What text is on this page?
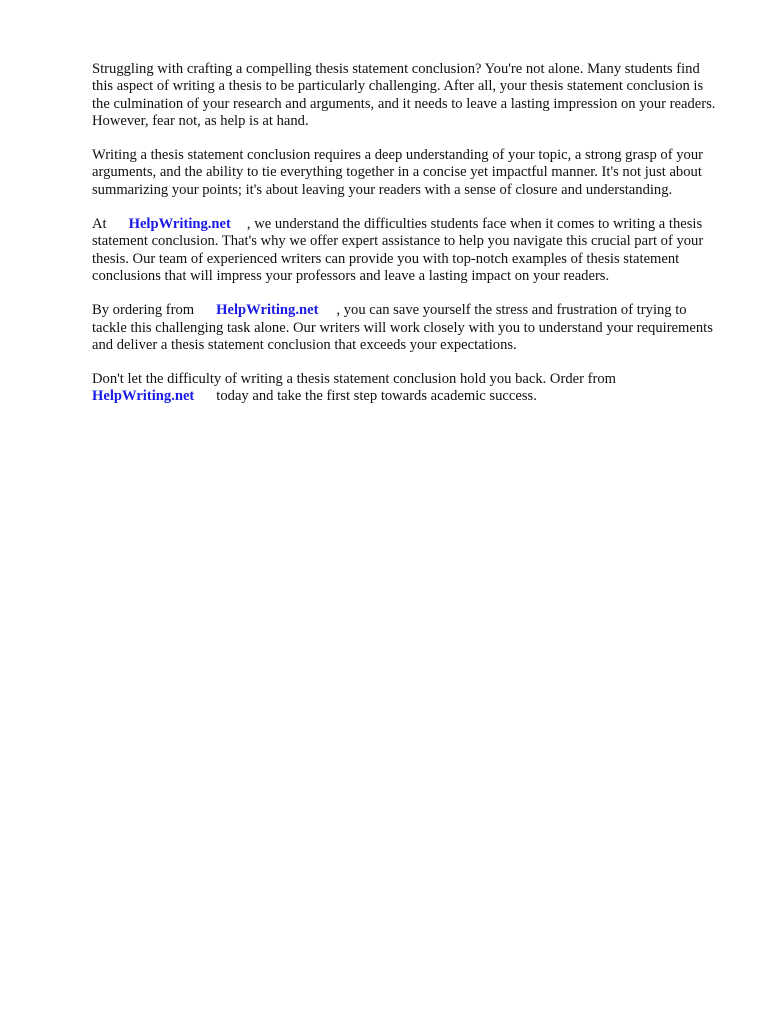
Struggling with crafting a compelling thesis statement conclusion? You're not alone. Many students find this aspect of writing a thesis to be particularly challenging. After all, your thesis statement conclusion is the culmination of your research and arguments, and it needs to leave a lasting impression on your readers. However, fear not, as help is at hand.

Writing a thesis statement conclusion requires a deep understanding of your topic, a strong grasp of your arguments, and the ability to tie everything together in a concise yet impactful manner. It's not just about summarizing your points; it's about leaving your readers with a sense of closure and understanding.

At HelpWriting.net , we understand the difficulties students face when it comes to writing a thesis statement conclusion. That's why we offer expert assistance to help you navigate this crucial part of your thesis. Our team of experienced writers can provide you with top-notch examples of thesis statement conclusions that will impress your professors and leave a lasting impact on your readers.

By ordering from HelpWriting.net , you can save yourself the stress and frustration of trying to tackle this challenging task alone. Our writers will work closely with you to understand your requirements and deliver a thesis statement conclusion that exceeds your expectations.

Don't let the difficulty of writing a thesis statement conclusion hold you back. Order from
HelpWriting.net today and take the first step towards academic success.
